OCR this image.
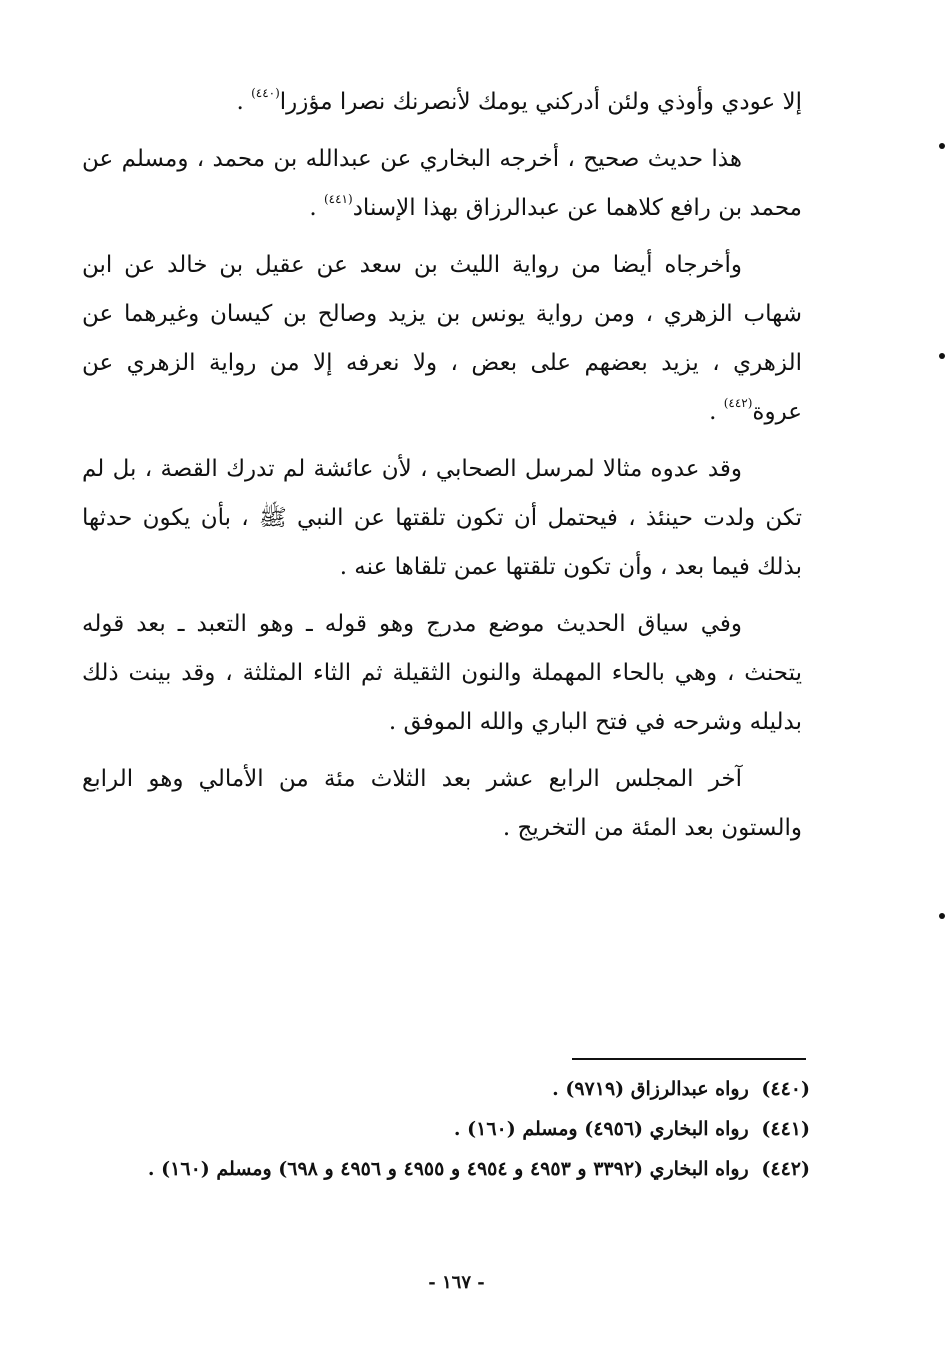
إلا عودي وأوذي ولئن أدركني يومك لأنصرنك نصرا مؤزرا$^{(٤٤٠)}$ .

هذا حديث صحيح ، أخرجه البخاري عن عبدالله بن محمد ، ومسلم عن محمد بن رافع كلاهما عن عبدالرزاق بهذا الإسناد$^{(٤٤١)}$ .

وأخرجاه أيضا من رواية الليث بن سعد عن عقيل بن خالد عن ابن شهاب الزهري ، ومن رواية يونس بن يزيد وصالح بن كيسان وغيرهما عن الزهري ، يزيد بعضهم على بعض ، ولا نعرفه إلا من رواية الزهري عن عروة$^{(٤٤٢)}$ .

وقد عدوه مثالا لمرسل الصحابي ، لأن عائشة لم تدرك القصة ، بل لم تكن ولدت حينئذ ، فيحتمل أن تكون تلقتها عن النبي ﷺ ، بأن يكون حدثها بذلك فيما بعد ، وأن تكون تلقتها عمن تلقاها عنه .

وفي سياق الحديث موضع مدرج وهو قوله ـ وهو التعبد ـ بعد قوله يتحنث ، وهي بالحاء المهملة والنون الثقيلة ثم الثاء المثلثة ، وقد بينت ذلك بدليله وشرحه في فتح الباري والله الموفق .

آخر المجلس الرابع عشر بعد الثلاث مئة من الأمالي وهو الرابع والستون بعد المئة من التخريج .

(٤٤٠) رواه عبدالرزاق (٩٧١٩) .

(٤٤١) رواه البخاري (٤٩٥٦) ومسلم (١٦٠) .

(٤٤٢) رواه البخاري (٣٣٩٢ و ٤٩٥٣ و ٤٩٥٤ و ٤٩٥٥ و ٤٩٥٦ و ٦٩٨) ومسلم (١٦٠) .

- ١٦٧ -
